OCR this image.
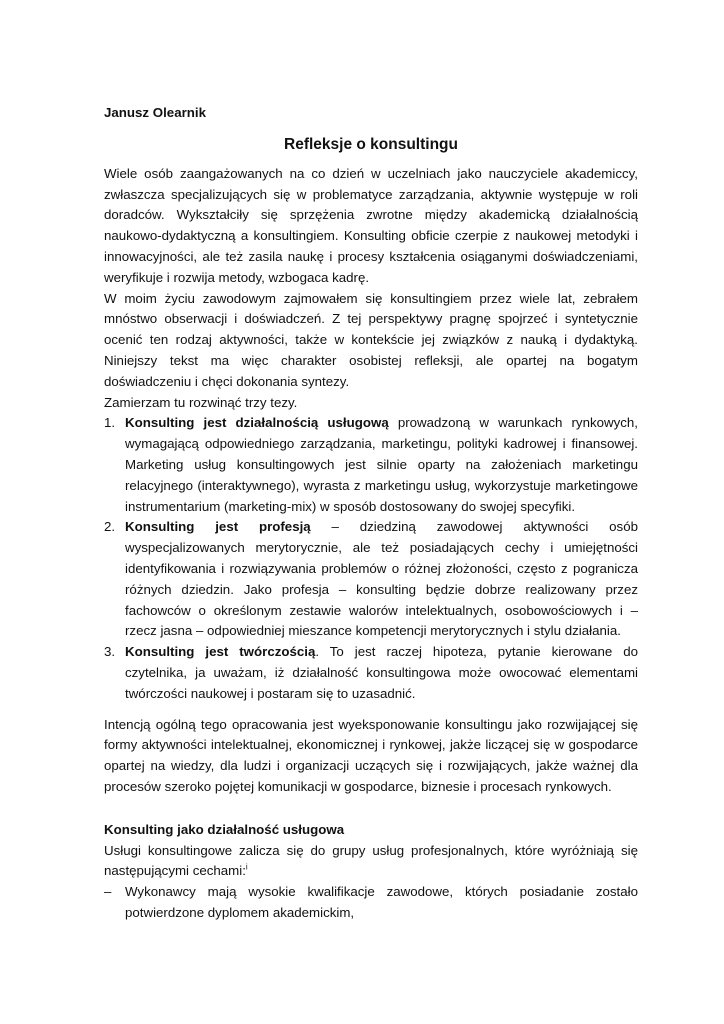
Janusz Olearnik

Refleksje o konsultingu

Wiele osób zaangażowanych na co dzień w uczelniach jako nauczyciele akademiccy, zwłaszcza specjalizujących się w problematyce zarządzania, aktywnie występuje w roli doradców. Wykształciły się sprzężenia zwrotne między akademicką działalnością naukowo-dydaktyczną a konsultingiem. Konsulting obficie czerpie z naukowej metodyki i innowacyjności, ale też zasila naukę i procesy kształcenia osiąganymi doświadczeniami, weryfikuje i rozwija metody, wzbogaca kadrę.

W moim życiu zawodowym zajmowałem się konsultingiem przez wiele lat, zebrałem mnóstwo obserwacji i doświadczeń. Z tej perspektywy pragnę spojrzeć i syntetycznie ocenić ten rodzaj aktywności, także w kontekście jej związków z nauką i dydaktyką. Niniejszy tekst ma więc charakter osobistej refleksji, ale opartej na bogatym doświadczeniu i chęci dokonania syntezy.

Zamierzam tu rozwinąć trzy tezy.

1. Konsulting jest działalnością usługową prowadzoną w warunkach rynkowych, wymagającą odpowiedniego zarządzania, marketingu, polityki kadrowej i finansowej. Marketing usług konsultingowych jest silnie oparty na założeniach marketingu relacyjnego (interaktywnego), wyrasta z marketingu usług, wykorzystuje marketingowe instrumentarium (marketing-mix) w sposób dostosowany do swojej specyfiki.
2. Konsulting jest profesją – dziedziną zawodowej aktywności osób wyspecjalizowanych merytorycznie, ale też posiadających cechy i umiejętności identyfikowania i rozwiązywania problemów o różnej złożoności, często z pogranicza różnych dziedzin. Jako profesja – konsulting będzie dobrze realizowany przez fachowców o określonym zestawie walorów intelektualnych, osobowościowych i – rzecz jasna – odpowiedniej mieszance kompetencji merytorycznych i stylu działania.
3. Konsulting jest twórczością. To jest raczej hipoteza, pytanie kierowane do czytelnika, ja uważam, iż działalność konsultingowa może owocować elementami twórczości naukowej i postaram się to uzasadnić.

Intencją ogólną tego opracowania jest wyeksponowanie konsultingu jako rozwijającej się formy aktywności intelektualnej, ekonomicznej i rynkowej, jakże liczącej się w gospodarce opartej na wiedzy, dla ludzi i organizacji uczących się i rozwijających, jakże ważnej dla procesów szeroko pojętej komunikacji w gospodarce, biznesie i procesach rynkowych.

Konsulting jako działalność usługowa

Usługi konsultingowe zalicza się do grupy usług profesjonalnych, które wyróżniają się następującymi cechami:$^i$

– Wykonawcy mają wysokie kwalifikacje zawodowe, których posiadanie zostało potwierdzone dyplomem akademickim,
